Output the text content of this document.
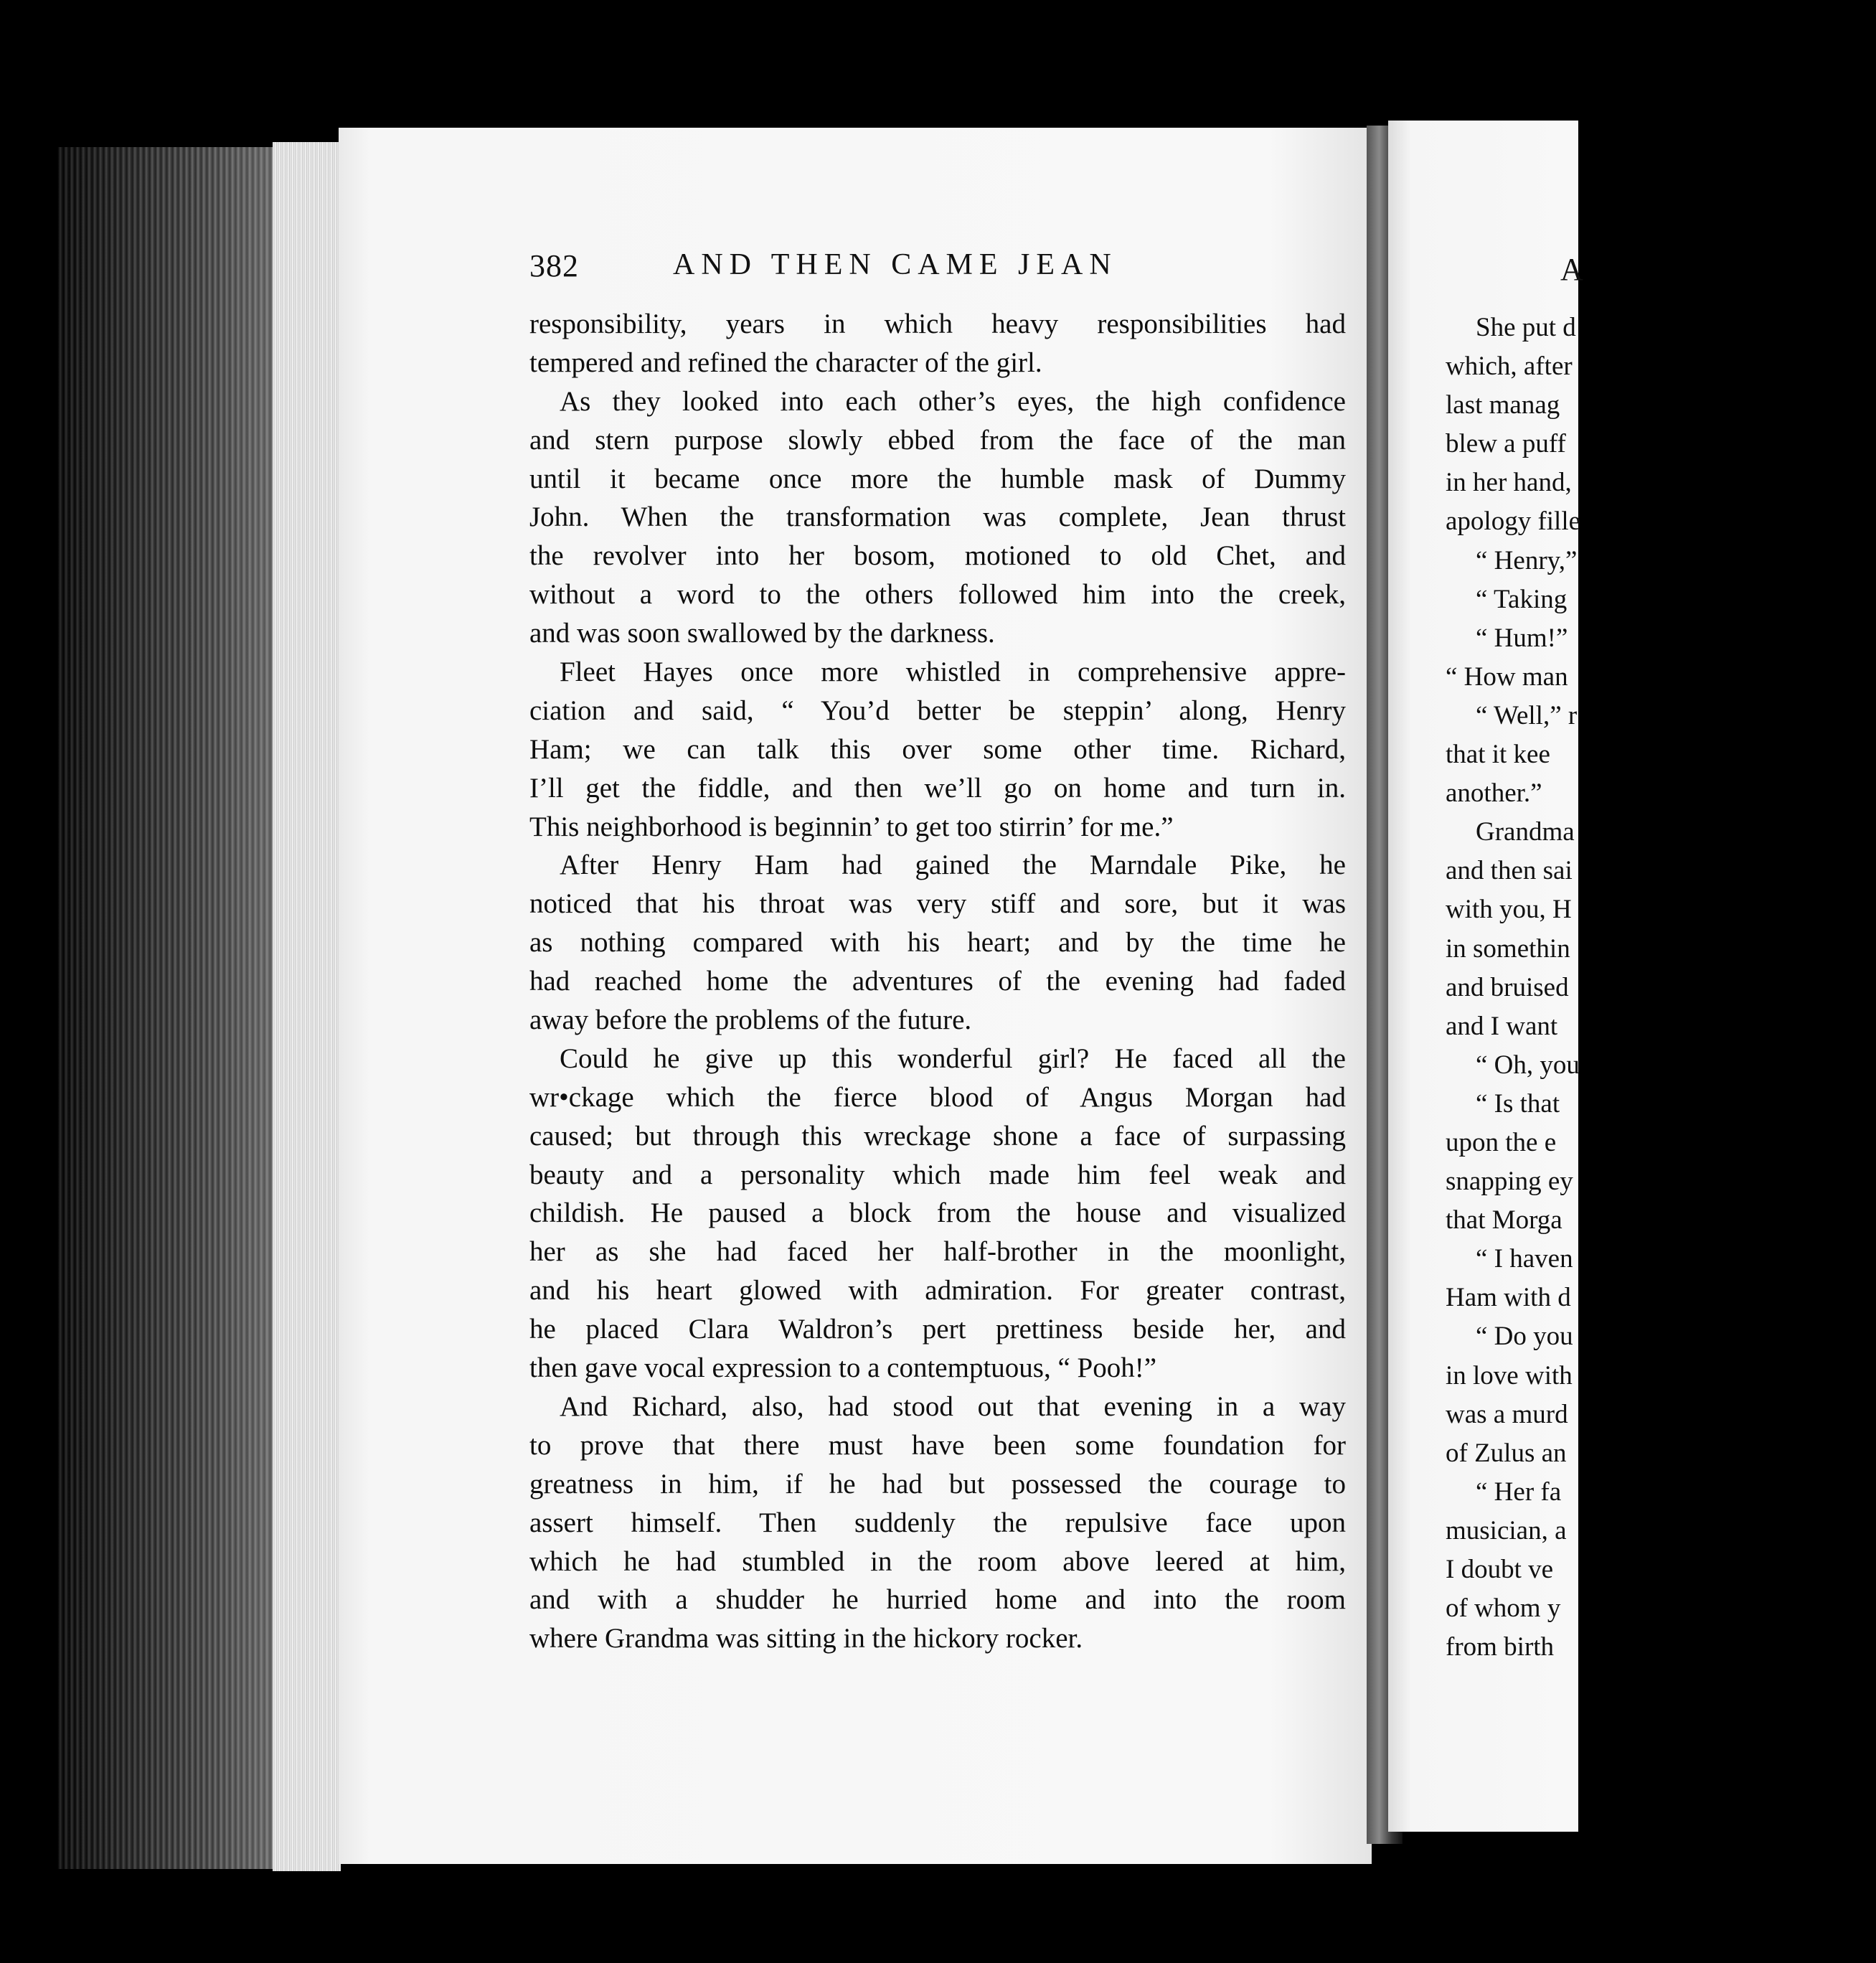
382	AND THEN CAME JEAN
responsibility, years in which heavy responsibilities had
tempered and refined the character of the girl.
As they looked into each other’s eyes, the high confidence
and stern purpose slowly ebbed from the face of the man
until it became once more the humble mask of Dummy
John. When the transformation was complete, Jean thrust
the revolver into her bosom, motioned to old Chet, and
without a word to the others followed him into the creek,
and was soon swallowed by the darkness.
Fleet Hayes once more whistled in comprehensive appre-
ciation and said, “ You’d better be steppin’ along, Henry
Ham; we can talk this over some other time. Richard,
I’ll get the fiddle, and then we’ll go on home and turn in.
This neighborhood is beginnin’ to get too stirrin’ for me.”
After Henry Ham had gained the Marndale Pike, he
noticed that his throat was very stiff and sore, but it was
as nothing compared with his heart; and by the time he
had reached home the adventures of the evening had faded
away before the problems of the future.
Could he give up this wonderful girl? He faced all the
wr•ckage which the fierce blood of Angus Morgan had
caused; but through this wreckage shone a face of surpassing
beauty and a personality which made him feel weak and
childish. He paused a block from the house and visualized
her as she had faced her half-brother in the moonlight,
and his heart glowed with admiration. For greater contrast,
he placed Clara Waldron’s pert prettiness beside her, and
then gave vocal expression to a contemptuous, “ Pooh!”
And Richard, also, had stood out that evening in a way
to prove that there must have been some foundation for
greatness in him, if he had but possessed the courage to
assert himself. Then suddenly the repulsive face upon
which he had stumbled in the room above leered at him,
and with a shudder he hurried home and into the room
where Grandma was sitting in the hickory rocker.
A
She put d
which, after
last manag
blew a puff
in her hand,
apology fille
“ Henry,”
“ Taking
“ Hum!”
“ How man
“ Well,” r
that it kee
another.”
Grandma
and then sai
with you, H
in somethin
and bruised
and I want
“ Oh, you
“ Is that
upon the e
snapping ey
that Morga
“ I haven
Ham with d
“ Do you
in love with
was a murd
of Zulus an
“ Her fa
musician, a
I doubt ve
of whom y
from birth
